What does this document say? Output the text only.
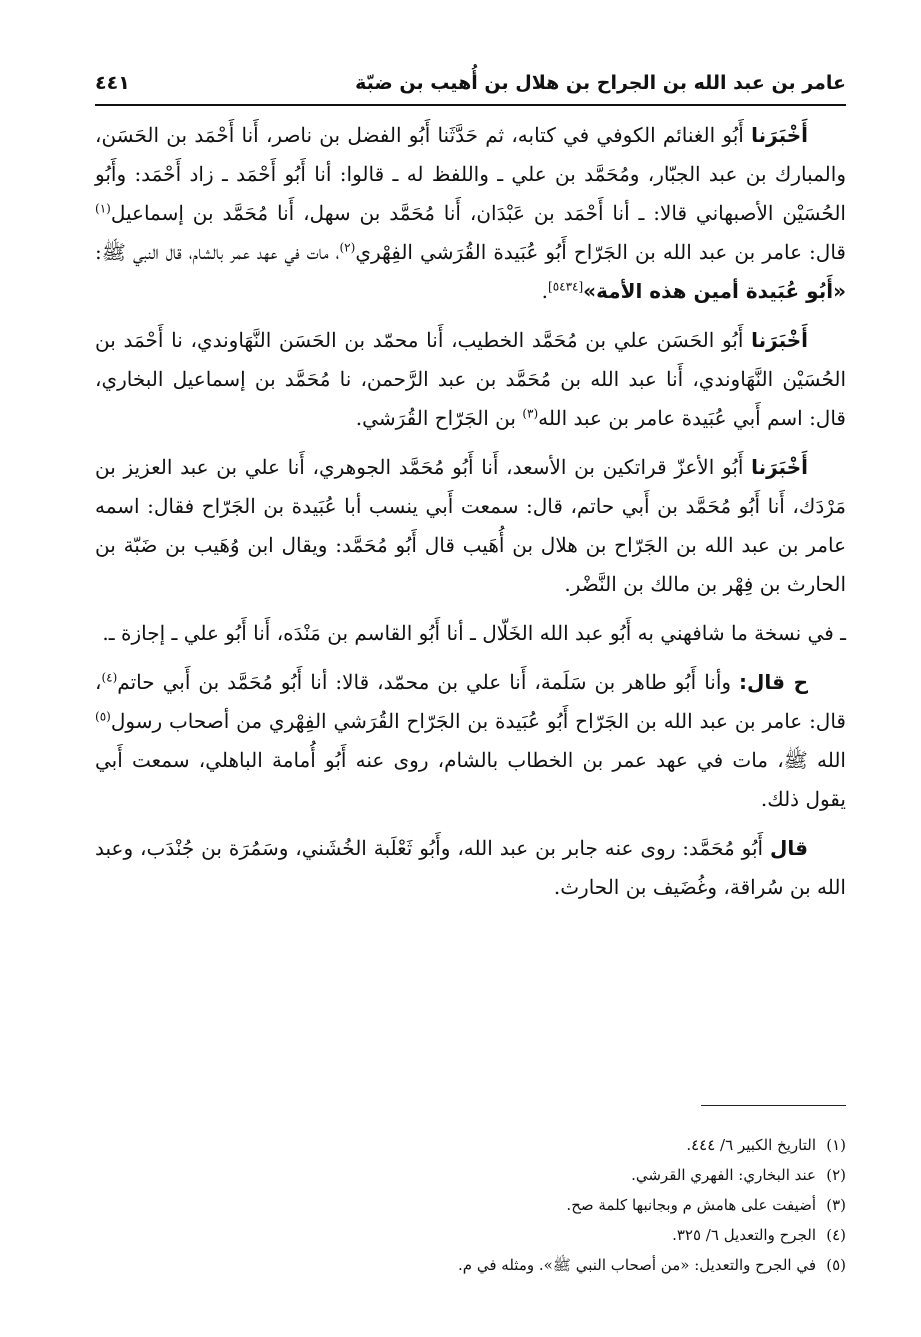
عامر بن عبد الله بن الجراح بن هلال بن أُهيب بن ضبّة
٤٤١

أَخْبَرَنا أَبُو الغنائم الكوفي في كتابه، ثم حَدَّثَنا أَبُو الفضل بن ناصر، أَنا أَحْمَد بن الحَسَن، والمبارك بن عبد الجبّار، ومُحَمَّد بن علي ـ واللفظ له ـ قالوا: أنا أَبُو أَحْمَد ـ زاد أَحْمَد: وأَبُو الحُسَيْن الأصبهاني قالا: ـ أنا أَحْمَد بن عَبْدَان، أَنا مُحَمَّد بن سهل، أَنا مُحَمَّد بن إسماعيل$^{(١)}$ قال: عامر بن عبد الله بن الجَرّاح أَبُو عُبَيدة القُرَشي الفِهْري$^{(٢)}$، مات في عهد عمر بالشام، قال النبي ﷺ: «أَبُو عُبَيدة أمين هذه الأمة»[٥٤٣٤].

أَخْبَرَنا أَبُو الحَسَن علي بن مُحَمَّد الخطيب، أَنا محمّد بن الحَسَن النَّهَاوندي، نا أَحْمَد بن الحُسَيْن النَّهَاوندي، أَنا عبد الله بن مُحَمَّد بن عبد الرَّحمن، نا مُحَمَّد بن إسماعيل البخاري، قال: اسم أَبي عُبَيدة عامر بن عبد الله$^{(٣)}$ بن الجَرّاح القُرَشي.

أَخْبَرَنا أَبُو الأعزّ قراتكين بن الأسعد، أَنا أَبُو مُحَمَّد الجوهري، أَنا علي بن عبد العزيز بن مَرْدَك، أَنا أَبُو مُحَمَّد بن أَبي حاتم، قال: سمعت أَبي ينسب أبا عُبَيدة بن الجَرّاح فقال: اسمه عامر بن عبد الله بن الجَرّاح بن هلال بن أُهَيب قال أَبُو مُحَمَّد: ويقال ابن وُهَيب بن ضَبّة بن الحارث بن فِهْر بن مالك بن النَّضْر.

ـ في نسخة ما شافهني به أَبُو عبد الله الخَلّال ـ أنا أَبُو القاسم بن مَنْدَه، أَنا أَبُو علي ـ إجازة ـ.

ح قال: وأنا أَبُو طاهر بن سَلَمة، أَنا علي بن محمّد، قالا: أنا أَبُو مُحَمَّد بن أَبي حاتم$^{(٤)}$، قال: عامر بن عبد الله بن الجَرّاح أَبُو عُبَيدة بن الجَرّاح القُرَشي الفِهْري من أصحاب رسول$^{(٥)}$ الله ﷺ، مات في عهد عمر بن الخطاب بالشام، روى عنه أَبُو أُمامة الباهلي، سمعت أَبي يقول ذلك.

قال أَبُو مُحَمَّد: روى عنه جابر بن عبد الله، وأَبُو ثَعْلَبة الخُشَني، وسَمُرَة بن جُنْدَب، وعبد الله بن سُراقة، وغُضَيف بن الحارث.

(١)
التاريخ الكبير ٦/ ٤٤٤.
(٢)
عند البخاري: الفهري القرشي.
(٣)
أضيفت على هامش م وبجانبها كلمة صح.
(٤)
الجرح والتعديل ٦/ ٣٢٥.
(٥)
في الجرح والتعديل: «من أصحاب النبي ﷺ». ومثله في م.
